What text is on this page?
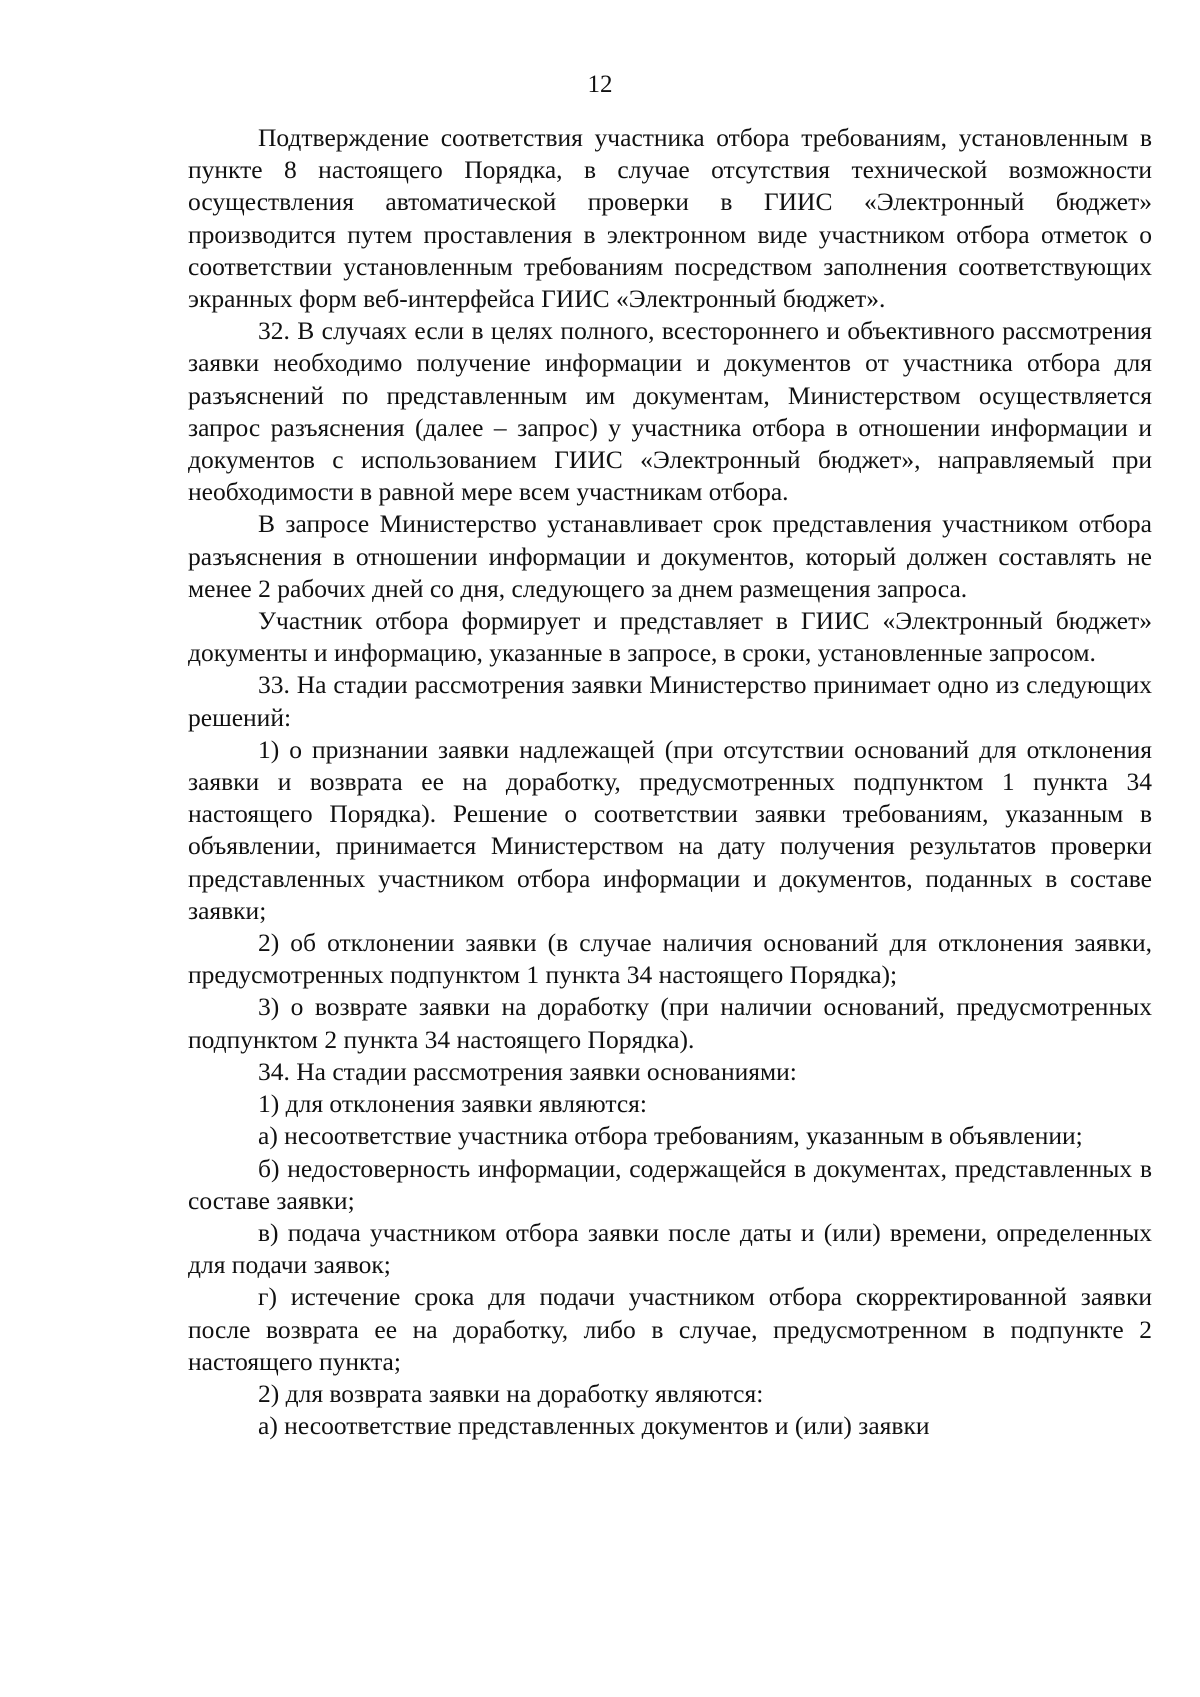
12

Подтверждение соответствия участника отбора требованиям, установленным в пункте 8 настоящего Порядка, в случае отсутствия технической возможности осуществления автоматической проверки в ГИИС «Электронный бюджет» производится путем проставления в электронном виде участником отбора отметок о соответствии установленным требованиям посредством заполнения соответствующих экранных форм веб-интерфейса ГИИС «Электронный бюджет».

32. В случаях если в целях полного, всестороннего и объективного рассмотрения заявки необходимо получение информации и документов от участника отбора для разъяснений по представленным им документам, Министерством осуществляется запрос разъяснения (далее – запрос) у участника отбора в отношении информации и документов с использованием ГИИС «Электронный бюджет», направляемый при необходимости в равной мере всем участникам отбора.

В запросе Министерство устанавливает срок представления участником отбора разъяснения в отношении информации и документов, который должен составлять не менее 2 рабочих дней со дня, следующего за днем размещения запроса.

Участник отбора формирует и представляет в ГИИС «Электронный бюджет» документы и информацию, указанные в запросе, в сроки, установленные запросом.

33. На стадии рассмотрения заявки Министерство принимает одно из следующих решений:

1) о признании заявки надлежащей (при отсутствии оснований для отклонения заявки и возврата ее на доработку, предусмотренных подпунктом 1 пункта 34 настоящего Порядка). Решение о соответствии заявки требованиям, указанным в объявлении, принимается Министерством на дату получения результатов проверки представленных участником отбора информации и документов, поданных в составе заявки;

2) об отклонении заявки (в случае наличия оснований для отклонения заявки, предусмотренных подпунктом 1 пункта 34 настоящего Порядка);

3) о возврате заявки на доработку (при наличии оснований, предусмотренных подпунктом 2 пункта 34 настоящего Порядка).

34. На стадии рассмотрения заявки основаниями:

1) для отклонения заявки являются:

а) несоответствие участника отбора требованиям, указанным в объявлении;

б) недостоверность информации, содержащейся в документах, представленных в составе заявки;

в) подача участником отбора заявки после даты и (или) времени, определенных для подачи заявок;

г) истечение срока для подачи участником отбора скорректированной заявки после возврата ее на доработку, либо в случае, предусмотренном в подпункте 2 настоящего пункта;

2) для возврата заявки на доработку являются:

а) несоответствие представленных документов и (или) заявки
